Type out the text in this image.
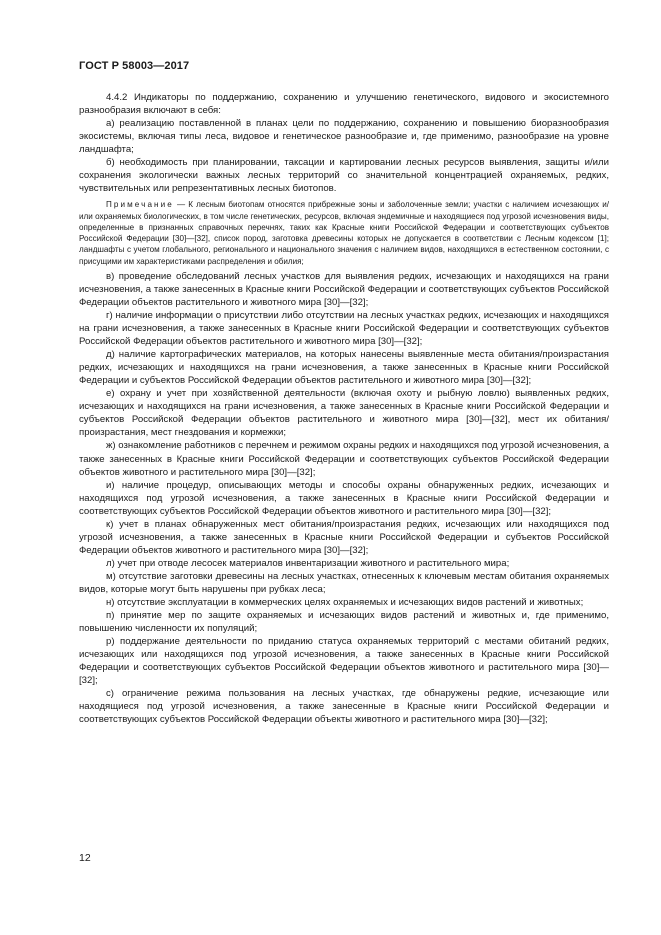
ГОСТ Р 58003—2017

4.4.2 Индикаторы по поддержанию, сохранению и улучшению генетического, видового и экосистемного разнообразия включают в себя:

а) реализацию поставленной в планах цели по поддержанию, сохранению и повышению биоразнообразия экосистемы, включая типы леса, видовое и генетическое разнообразие и, где применимо, разнообразие на уровне ландшафта;

б) необходимость при планировании, таксации и картировании лесных ресурсов выявления, защиты и/или сохранения экологически важных лесных территорий со значительной концентрацией охраняемых, редких, чувствительных или репрезентативных лесных биотопов.

Примечание — К лесным биотопам относятся прибрежные зоны и заболоченные земли; участки с наличием исчезающих и/или охраняемых биологических, в том числе генетических, ресурсов, включая эндемичные и находящиеся под угрозой исчезновения виды, определенные в признанных справочных перечнях, таких как Красные книги Российской Федерации и соответствующих субъектов Российской Федерации [30]—[32], список пород, заготовка древесины которых не допускается в соответствии с Лесным кодексом [1]; ландшафты с учетом глобального, регионального и национального значения с наличием видов, находящихся в естественном состоянии, с присущими им характеристиками распределения и обилия;

в) проведение обследований лесных участков для выявления редких, исчезающих и находящихся на грани исчезновения, а также занесенных в Красные книги Российской Федерации и соответствующих субъектов Российской Федерации объектов растительного и животного мира [30]—[32];

г) наличие информации о присутствии либо отсутствии на лесных участках редких, исчезающих и находящихся на грани исчезновения, а также занесенных в Красные книги Российской Федерации и соответствующих субъектов Российской Федерации объектов растительного и животного мира [30]—[32];

д) наличие картографических материалов, на которых нанесены выявленные места обитания/произрастания редких, исчезающих и находящихся на грани исчезновения, а также занесенных в Красные книги Российской Федерации и субъектов Российской Федерации объектов растительного и животного мира [30]—[32];

е) охрану и учет при хозяйственной деятельности (включая охоту и рыбную ловлю) выявленных редких, исчезающих и находящихся на грани исчезновения, а также занесенных в Красные книги Российской Федерации и субъектов Российской Федерации объектов растительного и животного мира [30]—[32], мест их обитания/произрастания, мест гнездования и кормежки;

ж) ознакомление работников с перечнем и режимом охраны редких и находящихся под угрозой исчезновения, а также занесенных в Красные книги Российской Федерации и соответствующих субъектов Российской Федерации объектов животного и растительного мира [30]—[32];

и) наличие процедур, описывающих методы и способы охраны обнаруженных редких, исчезающих и находящихся под угрозой исчезновения, а также занесенных в Красные книги Российской Федерации и соответствующих субъектов Российской Федерации объектов животного и растительного мира [30]—[32];

к) учет в планах обнаруженных мест обитания/произрастания редких, исчезающих или находящихся под угрозой исчезновения, а также занесенных в Красные книги Российской Федерации и субъектов Российской Федерации объектов животного и растительного мира [30]—[32];

л) учет при отводе лесосек материалов инвентаризации животного и растительного мира;

м) отсутствие заготовки древесины на лесных участках, отнесенных к ключевым местам обитания охраняемых видов, которые могут быть нарушены при рубках леса;

н) отсутствие эксплуатации в коммерческих целях охраняемых и исчезающих видов растений и животных;

п) принятие мер по защите охраняемых и исчезающих видов растений и животных и, где применимо, повышению численности их популяций;

р) поддержание деятельности по приданию статуса охраняемых территорий с местами обитаний редких, исчезающих или находящихся под угрозой исчезновения, а также занесенных в Красные книги Российской Федерации и соответствующих субъектов Российской Федерации объектов животного и растительного мира [30]—[32];

с) ограничение режима пользования на лесных участках, где обнаружены редкие, исчезающие или находящиеся под угрозой исчезновения, а также занесенные в Красные книги Российской Федерации и соответствующих субъектов Российской Федерации объекты животного и растительного мира [30]—[32];

12
